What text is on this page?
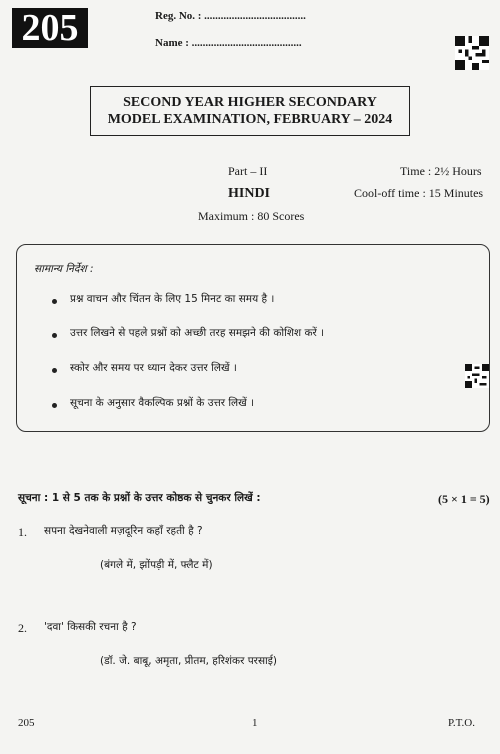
205	Reg. No. : .....................................
Name : ........................................
SECOND YEAR HIGHER SECONDARY
MODEL EXAMINATION, FEBRUARY – 2024
Part – II
HINDI
Maximum : 80 Scores
Time : 2½ Hours
Cool-off time : 15 Minutes
सामान्य निर्देश :
प्रश्न वाचन और चिंतन के लिए 15 मिनट का समय है ।
उत्तर लिखने से पहले प्रश्नों को अच्छी तरह समझने की कोशिश करें ।
स्कोर और समय पर ध्यान देकर उत्तर लिखें ।
सूचना के अनुसार वैकल्पिक प्रश्नों के उत्तर लिखें ।
सूचना : 1 से 5 तक के प्रश्नों के उत्तर कोष्ठक से चुनकर लिखें :	(5 × 1 = 5)
1. सपना देखनेवाली मज़दूरिन कहाँ रहती है ?
(बंगले में, झोंपड़ी में, फ्लैट में)
2. 'दवा' किसकी रचना है ?
(डॉ. जे. बाबू, अमृता, प्रीतम, हरिशंकर परसाई)
205	1	P.T.O.
